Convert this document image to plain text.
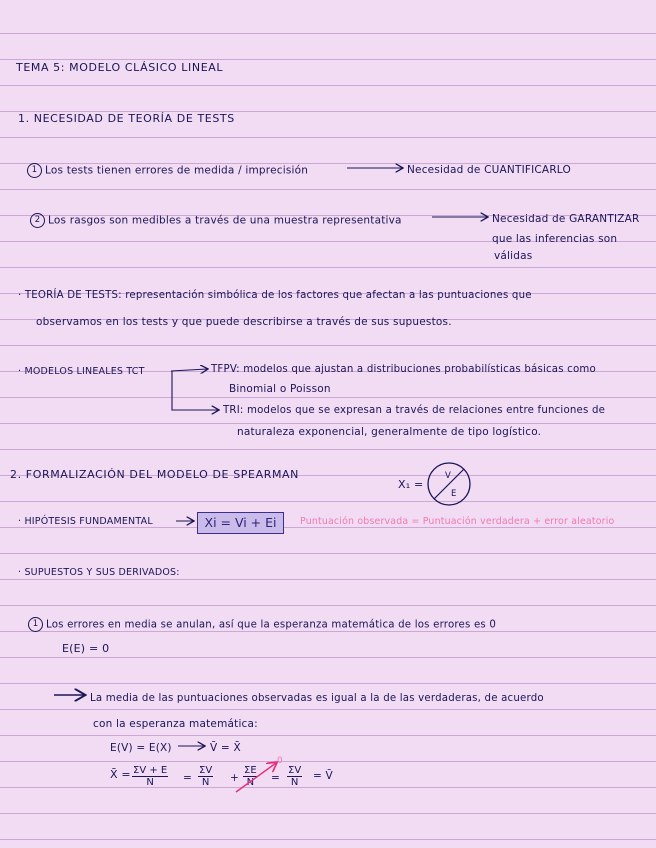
TEMA 5: MODELO CLÁSICO LINEAL
1. NECESIDAD DE TEORÍA DE TESTS
1 Los tests tienen errores de medida / imprecisión	Necesidad de CUANTIFICARLO
2 Los rasgos son medibles a través de una muestra representativa	Necesidad de GARANTIZAR
que las inferencias son
válidas
· TEORÍA DE TESTS: representación simbólica de los factores que afectan a las puntuaciones que
observamos en los tests y que puede describirse a través de sus supuestos.
· MODELOS LINEALES TCT	TFPV: modelos que ajustan a distribuciones probabilísticas básicas como
Binomial o Poisson
TRI: modelos que se expresan a través de relaciones entre funciones de
naturaleza exponencial, generalmente de tipo logístico.
2. FORMALIZACIÓN DEL MODELO DE SPEARMAN
X₁ =
V
E
· HIPÓTESIS FUNDAMENTAL	Xi = Vi + Ei	Puntuación observada = Puntuación verdadera + error aleatorio
· SUPUESTOS Y SUS DERIVADOS:
1 Los errores en media se anulan, así que la esperanza matemática de los errores es 0
E(E) = 0
La media de las puntuaciones observadas es igual a la de las verdaderas, de acuerdo
con la esperanza matemática:
E(V) = E(X)	V̄ = X̄
X̄ = $\frac{\Sigma V + E}{N} = \frac{\Sigma V}{N} + \frac{\Sigma E}{N} = \frac{\Sigma V}{N}$ = V̄
0
